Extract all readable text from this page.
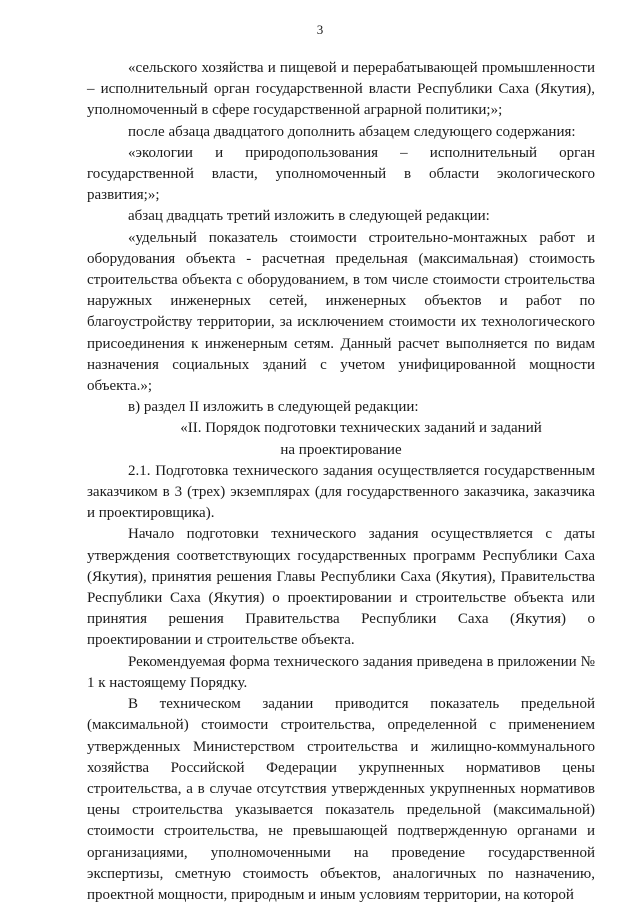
3

«сельского хозяйства и пищевой и перерабатывающей промышленности – исполнительный орган государственной власти Республики Саха (Якутия), уполномоченный в сфере государственной аграрной политики;»;

после абзаца двадцатого дополнить абзацем следующего содержания:

«экологии и природопользования – исполнительный орган государственной власти, уполномоченный в области экологического развития;»;

абзац двадцать третий изложить в следующей редакции:

«удельный показатель стоимости строительно-монтажных работ и оборудования объекта - расчетная предельная (максимальная) стоимость строительства объекта с оборудованием, в том числе стоимости строительства наружных инженерных сетей, инженерных объектов и работ по благоустройству территории, за исключением стоимости их технологического присоединения к инженерным сетям. Данный расчет выполняется по видам назначения социальных зданий с учетом унифицированной мощности объекта.»;

в) раздел II изложить в следующей редакции:

«II. Порядок подготовки технических заданий и заданий

на проектирование

2.1. Подготовка технического задания осуществляется государственным заказчиком в 3 (трех) экземплярах (для государственного заказчика, заказчика и проектировщика).

Начало подготовки технического задания осуществляется с даты утверждения соответствующих государственных программ Республики Саха (Якутия), принятия решения Главы Республики Саха (Якутия), Правительства Республики Саха (Якутия) о проектировании и строительстве объекта или принятия решения Правительства Республики Саха (Якутия) о проектировании и строительстве объекта.

Рекомендуемая форма технического задания приведена в приложении № 1 к настоящему Порядку.

В техническом задании приводится показатель предельной (максимальной) стоимости строительства, определенной с применением утвержденных Министерством строительства и жилищно-коммунального хозяйства Российской Федерации укрупненных нормативов цены строительства, а в случае отсутствия утвержденных укрупненных нормативов цены строительства указывается показатель предельной (максимальной) стоимости строительства, не превышающей подтвержденную органами и организациями, уполномоченными на проведение государственной экспертизы, сметную стоимость объектов, аналогичных по назначению, проектной мощности, природным и иным условиям территории, на которой
